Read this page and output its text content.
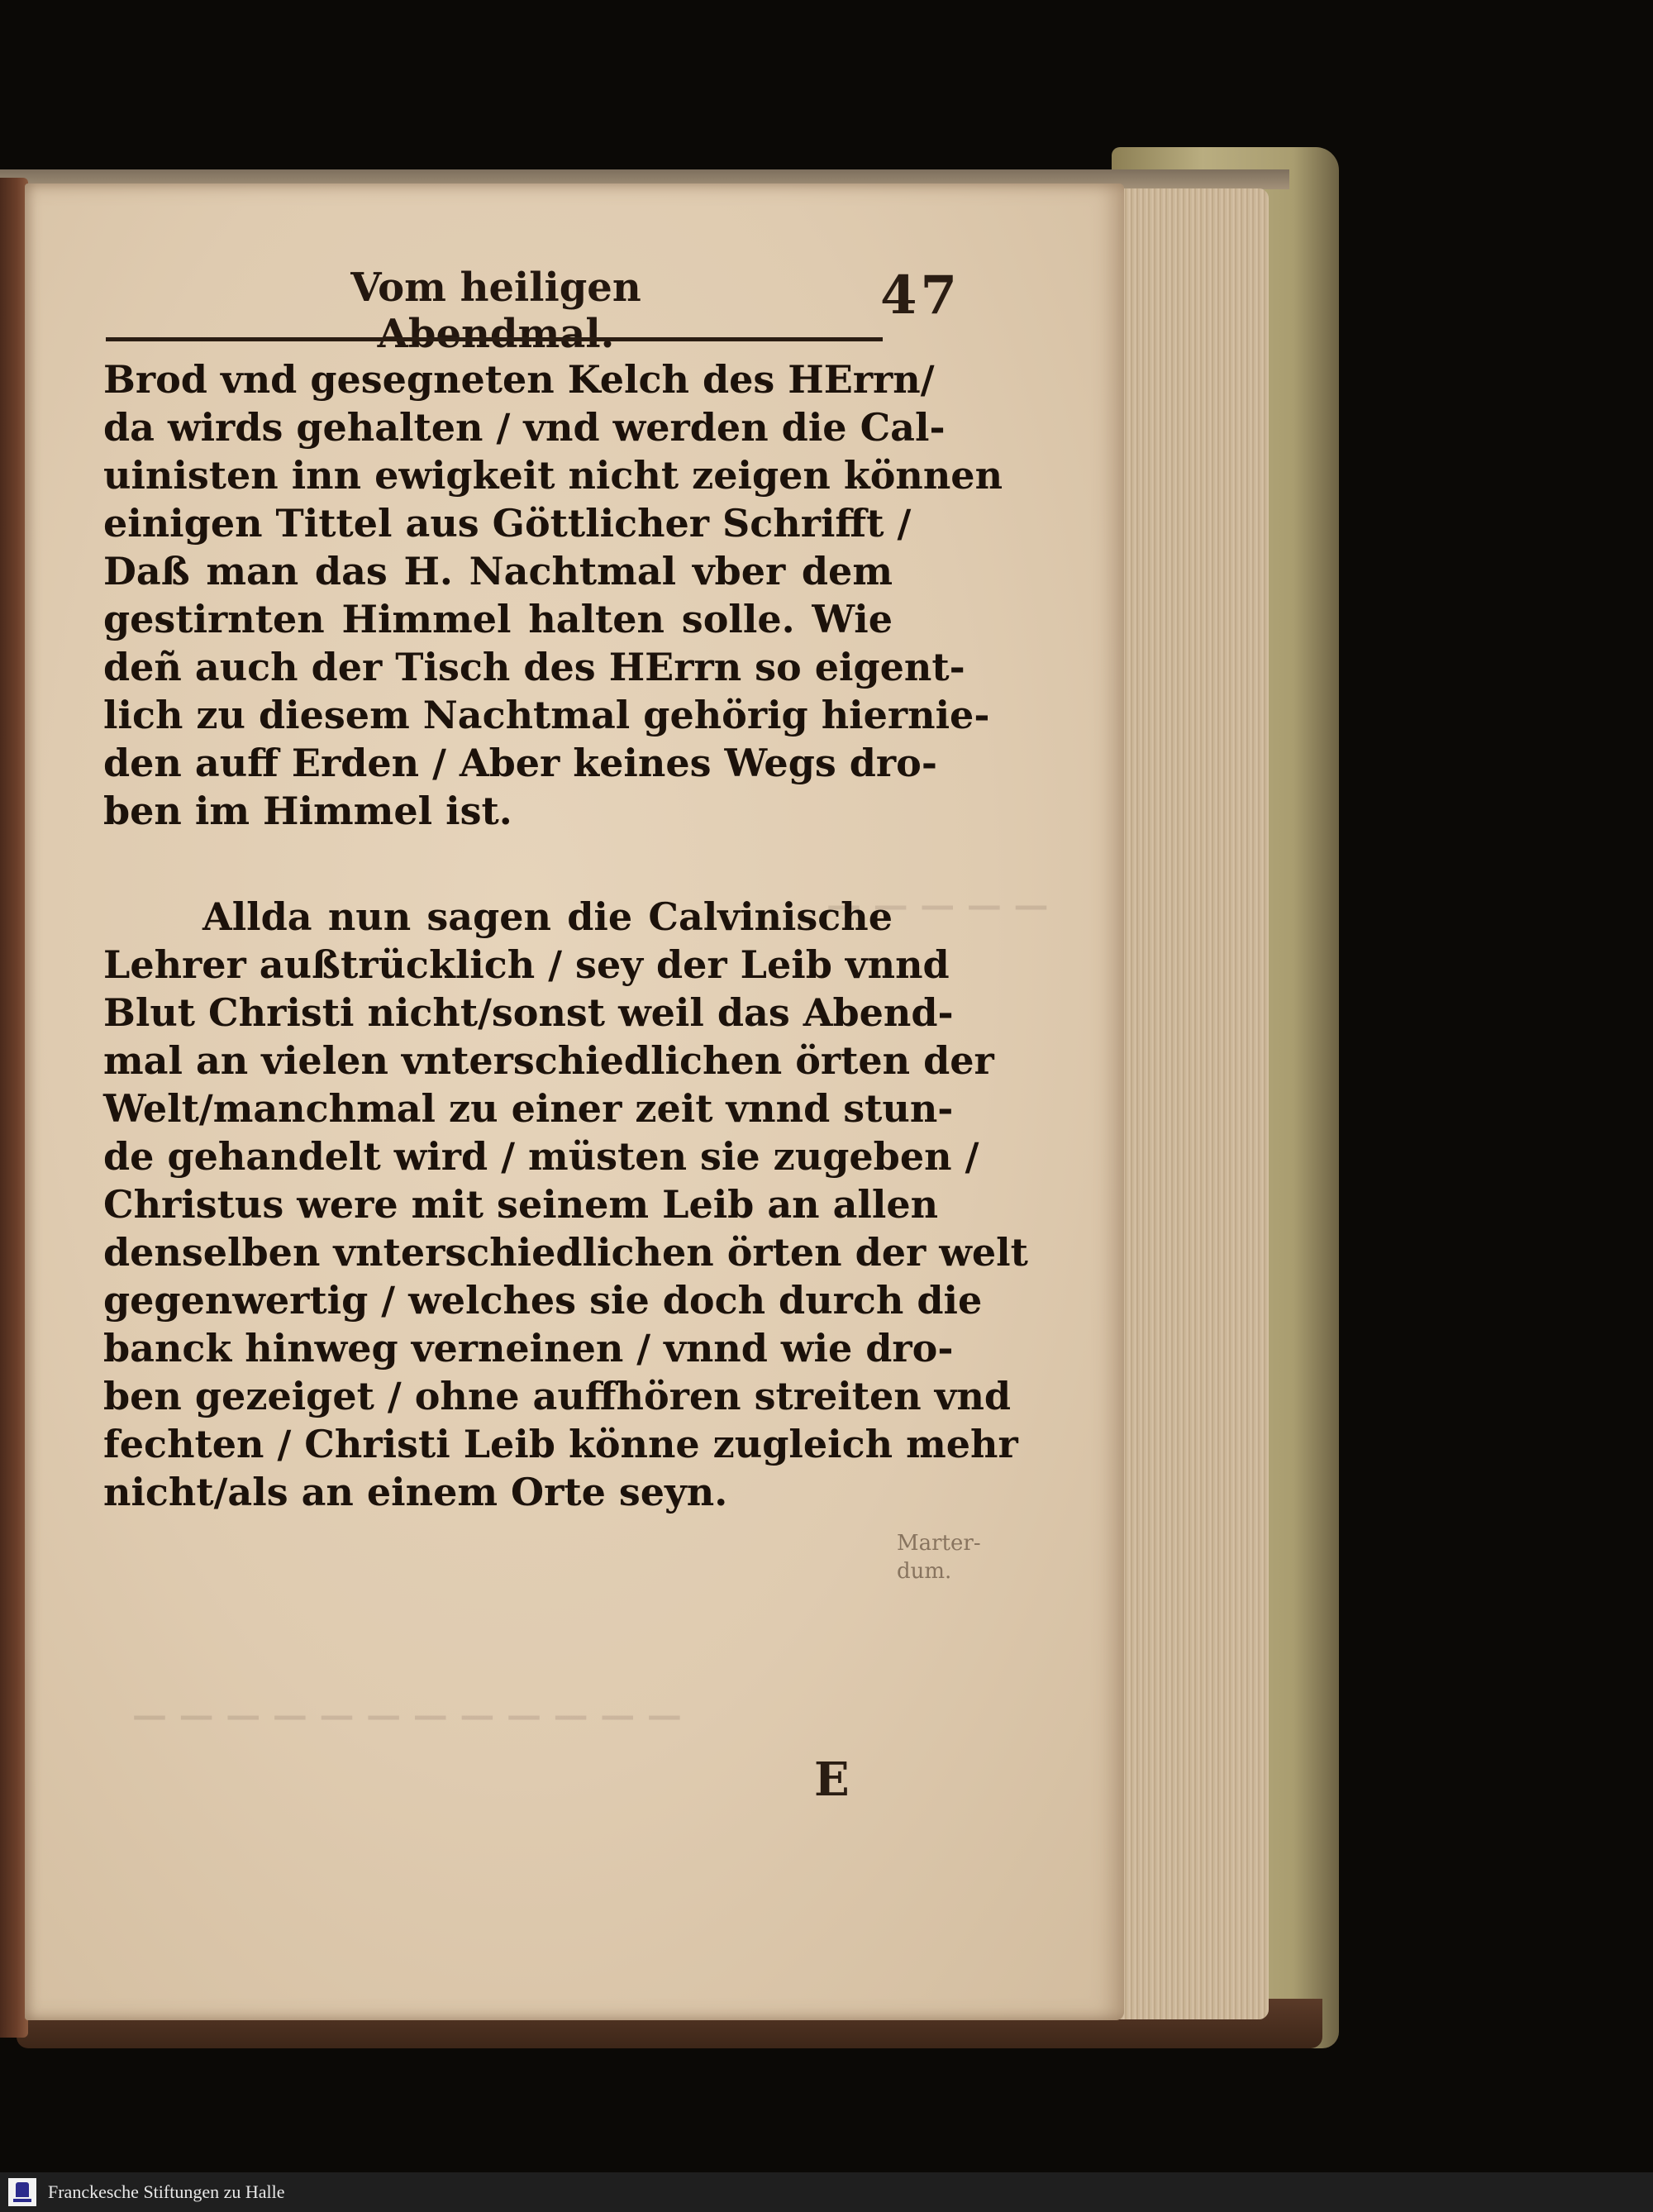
— — — — —
— — — — — — — — — — — —
Vom heiligen Abendmal.
47
Brod vnd gesegneten Kelch des HErrn/
da wirds gehalten / vnd werden die Cal-
uinisten inn ewigkeit nicht zeigen können
einigen Tittel aus Göttlicher Schrifft /
Daß man das H. Nachtmal vber dem
gestirnten Himmel halten solle. Wie
deñ auch der Tisch des HErrn so eigent-
lich zu diesem Nachtmal gehörig hiernie-
den auff Erden / Aber keines Wegs dro-
ben im Himmel ist.
Allda nun sagen die Calvinische
Lehrer außtrücklich / sey der Leib vnnd
Blut Christi nicht/sonst weil das Abend-
mal an vielen vnterschiedlichen örten der
Welt/manchmal zu einer zeit vnnd stun-
de gehandelt wird / müsten sie zugeben /
Christus were mit seinem Leib an allen
denselben vnterschiedlichen örten der welt
gegenwertig / welches sie doch durch die
banck hinweg verneinen / vnnd wie dro-
ben gezeiget / ohne auffhören streiten vnd
fechten / Christi Leib könne zugleich mehr
nicht/als an einem Orte seyn.
Marter-
dum.
E
Franckesche Stiftungen zu Halle
